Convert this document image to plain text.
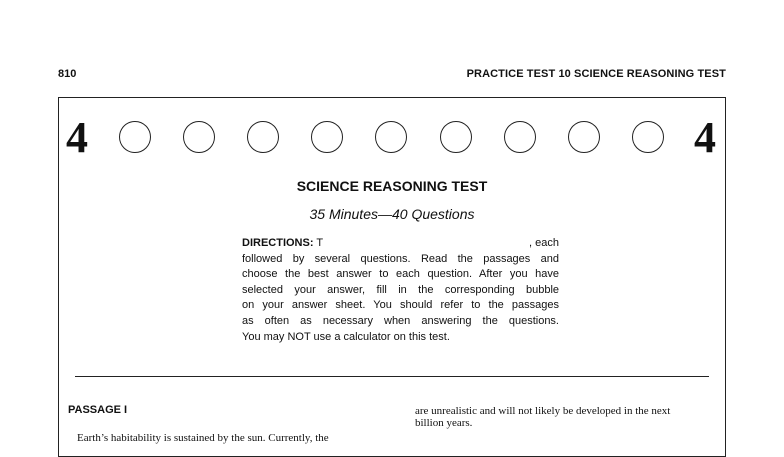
810	PRACTICE TEST 10 SCIENCE REASONING TEST
4	4
SCIENCE REASONING TEST
35 Minutes—40 Questions
DIRECTIONS: T	, each
followed by several questions. Read the passages and
choose the best answer to each question. After you have
selected your answer, fill in the corresponding bubble
on your answer sheet. You should refer to the passages
as often as necessary when answering the questions.
You may NOT use a calculator on this test.
PASSAGE I
Earth’s habitability is sustained by the sun. Currently, the
are unrealistic and will not likely be developed in the next
billion years.
